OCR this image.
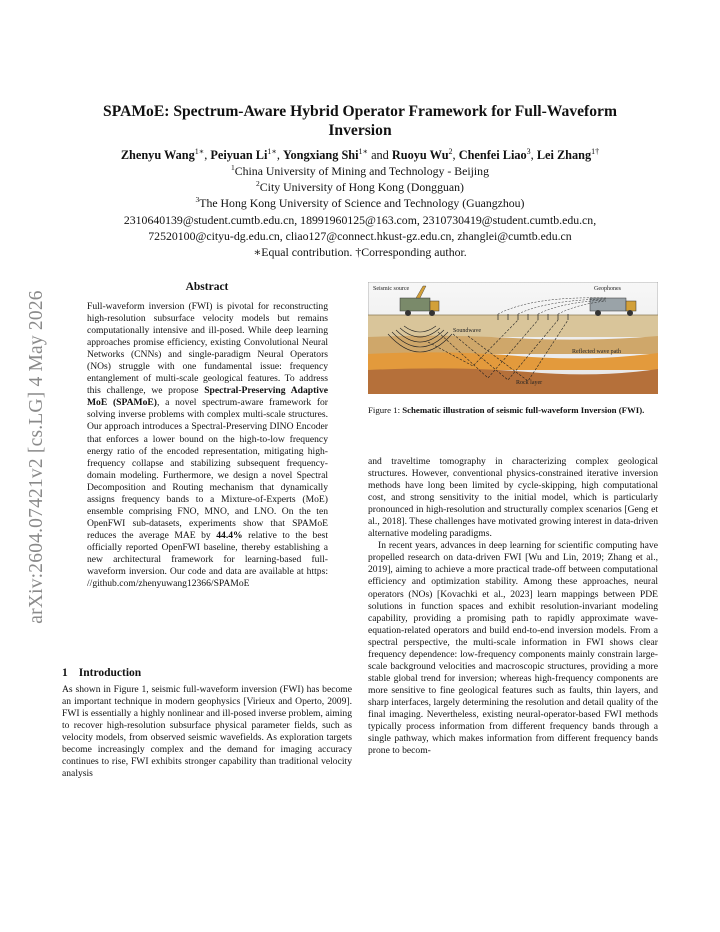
arXiv:2604.07421v2 [cs.LG] 4 May 2026
SPAMoE: Spectrum-Aware Hybrid Operator Framework for Full-Waveform
Inversion
Zhenyu Wang$^{1∗}$, Peiyuan $Li^{1∗}$, Yongxiang Shi$^{1∗}$ and Ruoyu Wu$^2$, Chenfei Liao$^3$, Lei Zhang$^{1\dagger}$
$^1$China University of Mining and Technology - Beijing
$^2$City University of Hong Kong (Dongguan)
$^3$The Hong Kong University of Science and Technology (Guangzhou)
2310640139@student.cumtb.edu.cn, 18991960125@163.com, 2310730419@student.cumtb.edu.cn,
72520100@cityu-dg.edu.cn, cliao127@connect.hkust-gz.edu.cn, zhanglei@cumtb.edu.cn
∗Equal contribution. †Corresponding author.
Abstract

Full-waveform inversion (FWI) is pivotal for reconstructing high-resolution subsurface velocity models but remains computationally intensive and ill-posed. While deep learning approaches promise efficiency, existing Convolutional Neural Networks (CNNs) and single-paradigm Neural Operators (NOs) struggle with one fundamental issue: frequency entanglement of multi-scale geological features. To address this challenge, we propose Spectral-Preserving Adaptive MoE (SPAMoE), a novel spectrum-aware framework for solving inverse problems with complex multi-scale structures. Our approach introduces a Spectral-Preserving DINO Encoder that enforces a lower bound on the high-to-low frequency energy ratio of the encoded representation, mitigating high-frequency collapse and stabilizing subsequent frequency-domain modeling. Furthermore, we design a novel Spectral Decomposition and Routing mechanism that dynamically assigns frequency bands to a Mixture-of-Experts (MoE) ensemble comprising FNO, MNO, and LNO. On the ten OpenFWI sub-datasets, experiments show that SPAMoE reduces the average MAE by 44.4% relative to the best officially reported OpenFWI baseline, thereby establishing a new architectural framework for learning-based full-waveform inversion. Our code and data are available at https: //github.com/zhenyuwang12366/SPAMoE

1 Introduction

As shown in Figure 1, seismic full-waveform inversion (FWI) has become an important technique in modern geophysics [Virieux and Operto, 2009]. FWI is essentially a highly nonlinear and ill-posed inverse problem, aiming to recover high-resolution subsurface physical parameter fields, such as velocity models, from observed seismic wavefields. As exploration targets become increasingly complex and the demand for imaging accuracy continues to rise, FWI exhibits stronger capability than traditional velocity analysis

Seismic source	Geophones
Soundwave
Reflected wave path
Rock layer
Figure 1: Schematic illustration of seismic full-waveform Inversion (FWI).

and traveltime tomography in characterizing complex geological structures. However, conventional physics-constrained iterative inversion methods have long been limited by cycle-skipping, high computational cost, and strong sensitivity to the initial model, which is particularly pronounced in high-resolution and structurally complex scenarios [Geng et al., 2018]. These challenges have motivated growing interest in data-driven alternative modeling paradigms.

In recent years, advances in deep learning for scientific computing have propelled research on data-driven FWI [Wu and Lin, 2019; Zhang et al., 2019], aiming to achieve a more practical trade-off between computational efficiency and optimization stability. Among these approaches, neural operators (NOs) [Kovachki et al., 2023] learn mappings between PDE solutions in function spaces and exhibit resolution-invariant modeling capability, providing a promising path to rapidly approximate wave-equation-related operators and build end-to-end inversion models. From a spectral perspective, the multi-scale information in FWI shows clear frequency dependence: low-frequency components mainly constrain large-scale background velocities and macroscopic structures, providing a more stable global trend for inversion; whereas high-frequency components are more sensitive to fine geological features such as faults, thin layers, and sharp interfaces, largely determining the resolution and detail quality of the final imaging. Nevertheless, existing neural-operator-based FWI methods typically process information from different frequency bands through a single pathway, which makes information from different frequency bands prone to becom-
